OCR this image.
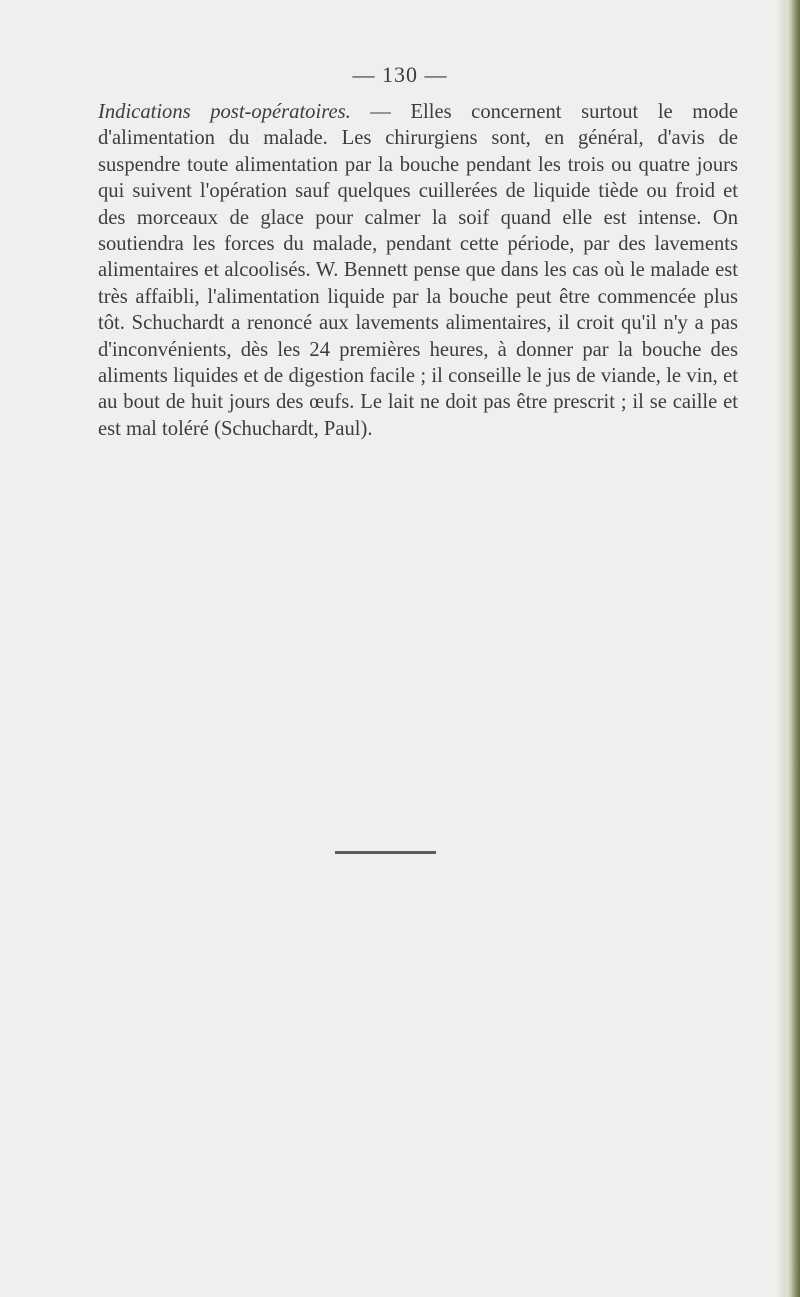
— 130 —
Indications post-opératoires. — Elles concernent surtout le mode d'alimentation du malade. Les chirurgiens sont, en général, d'avis de suspendre toute alimentation par la bouche pendant les trois ou quatre jours qui suivent l'opération sauf quelques cuillerées de liquide tiède ou froid et des morceaux de glace pour calmer la soif quand elle est intense. On soutiendra les forces du malade, pendant cette période, par des lavements alimentaires et alcoolisés. W. Bennett pense que dans les cas où le malade est très affaibli, l'alimentation liquide par la bouche peut être commencée plus tôt. Schuchardt a renoncé aux lavements alimentaires, il croit qu'il n'y a pas d'inconvénients, dès les 24 premières heures, à donner par la bouche des aliments liquides et de digestion facile ; il conseille le jus de viande, le vin, et au bout de huit jours des œufs. Le lait ne doit pas être prescrit ; il se caille et est mal toléré (Schuchardt, Paul).
